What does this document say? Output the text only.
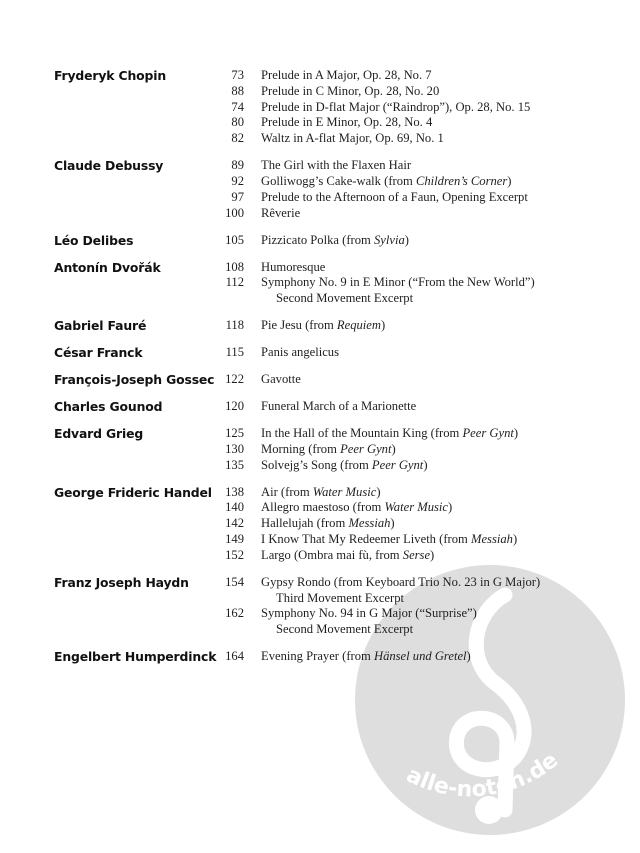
alle-noten.de
Fryderyk Chopin	73 Prelude in A Major, Op. 28, No. 7
88 Prelude in C Minor, Op. 28, No. 20
74 Prelude in D-flat Major (“Raindrop”), Op. 28, No. 15
80 Prelude in E Minor, Op. 28, No. 4
82 Waltz in A-flat Major, Op. 69, No. 1
Claude Debussy	89 The Girl with the Flaxen Hair
92 Golliwogg’s Cake-walk (from Children’s Corner)
97 Prelude to the Afternoon of a Faun, Opening Excerpt
100 Rêverie
Léo Delibes	105 Pizzicato Polka (from Sylvia)
Antonín Dvořák	108 Humoresque
112 Symphony No. 9 in E Minor (“From the New World”)
Second Movement Excerpt
Gabriel Fauré	118 Pie Jesu (from Requiem)
César Franck	115 Panis angelicus
François-Joseph Gossec 122 Gavotte
Charles Gounod	120 Funeral March of a Marionette
Edvard Grieg	125 In the Hall of the Mountain King (from Peer Gynt)
130 Morning (from Peer Gynt)
135 Solvejg’s Song (from Peer Gynt)
George Frideric Handel	138 Air (from Water Music)
140 Allegro maestoso (from Water Music)
142 Hallelujah (from Messiah)
149 I Know That My Redeemer Liveth (from Messiah)
152 Largo (Ombra mai fù, from Serse)
Franz Joseph Haydn	154 Gypsy Rondo (from Keyboard Trio No. 23 in G Major)
Third Movement Excerpt
162 Symphony No. 94 in G Major (“Surprise”)
Second Movement Excerpt
Engelbert Humperdinck 164 Evening Prayer (from Hänsel und Gretel)
